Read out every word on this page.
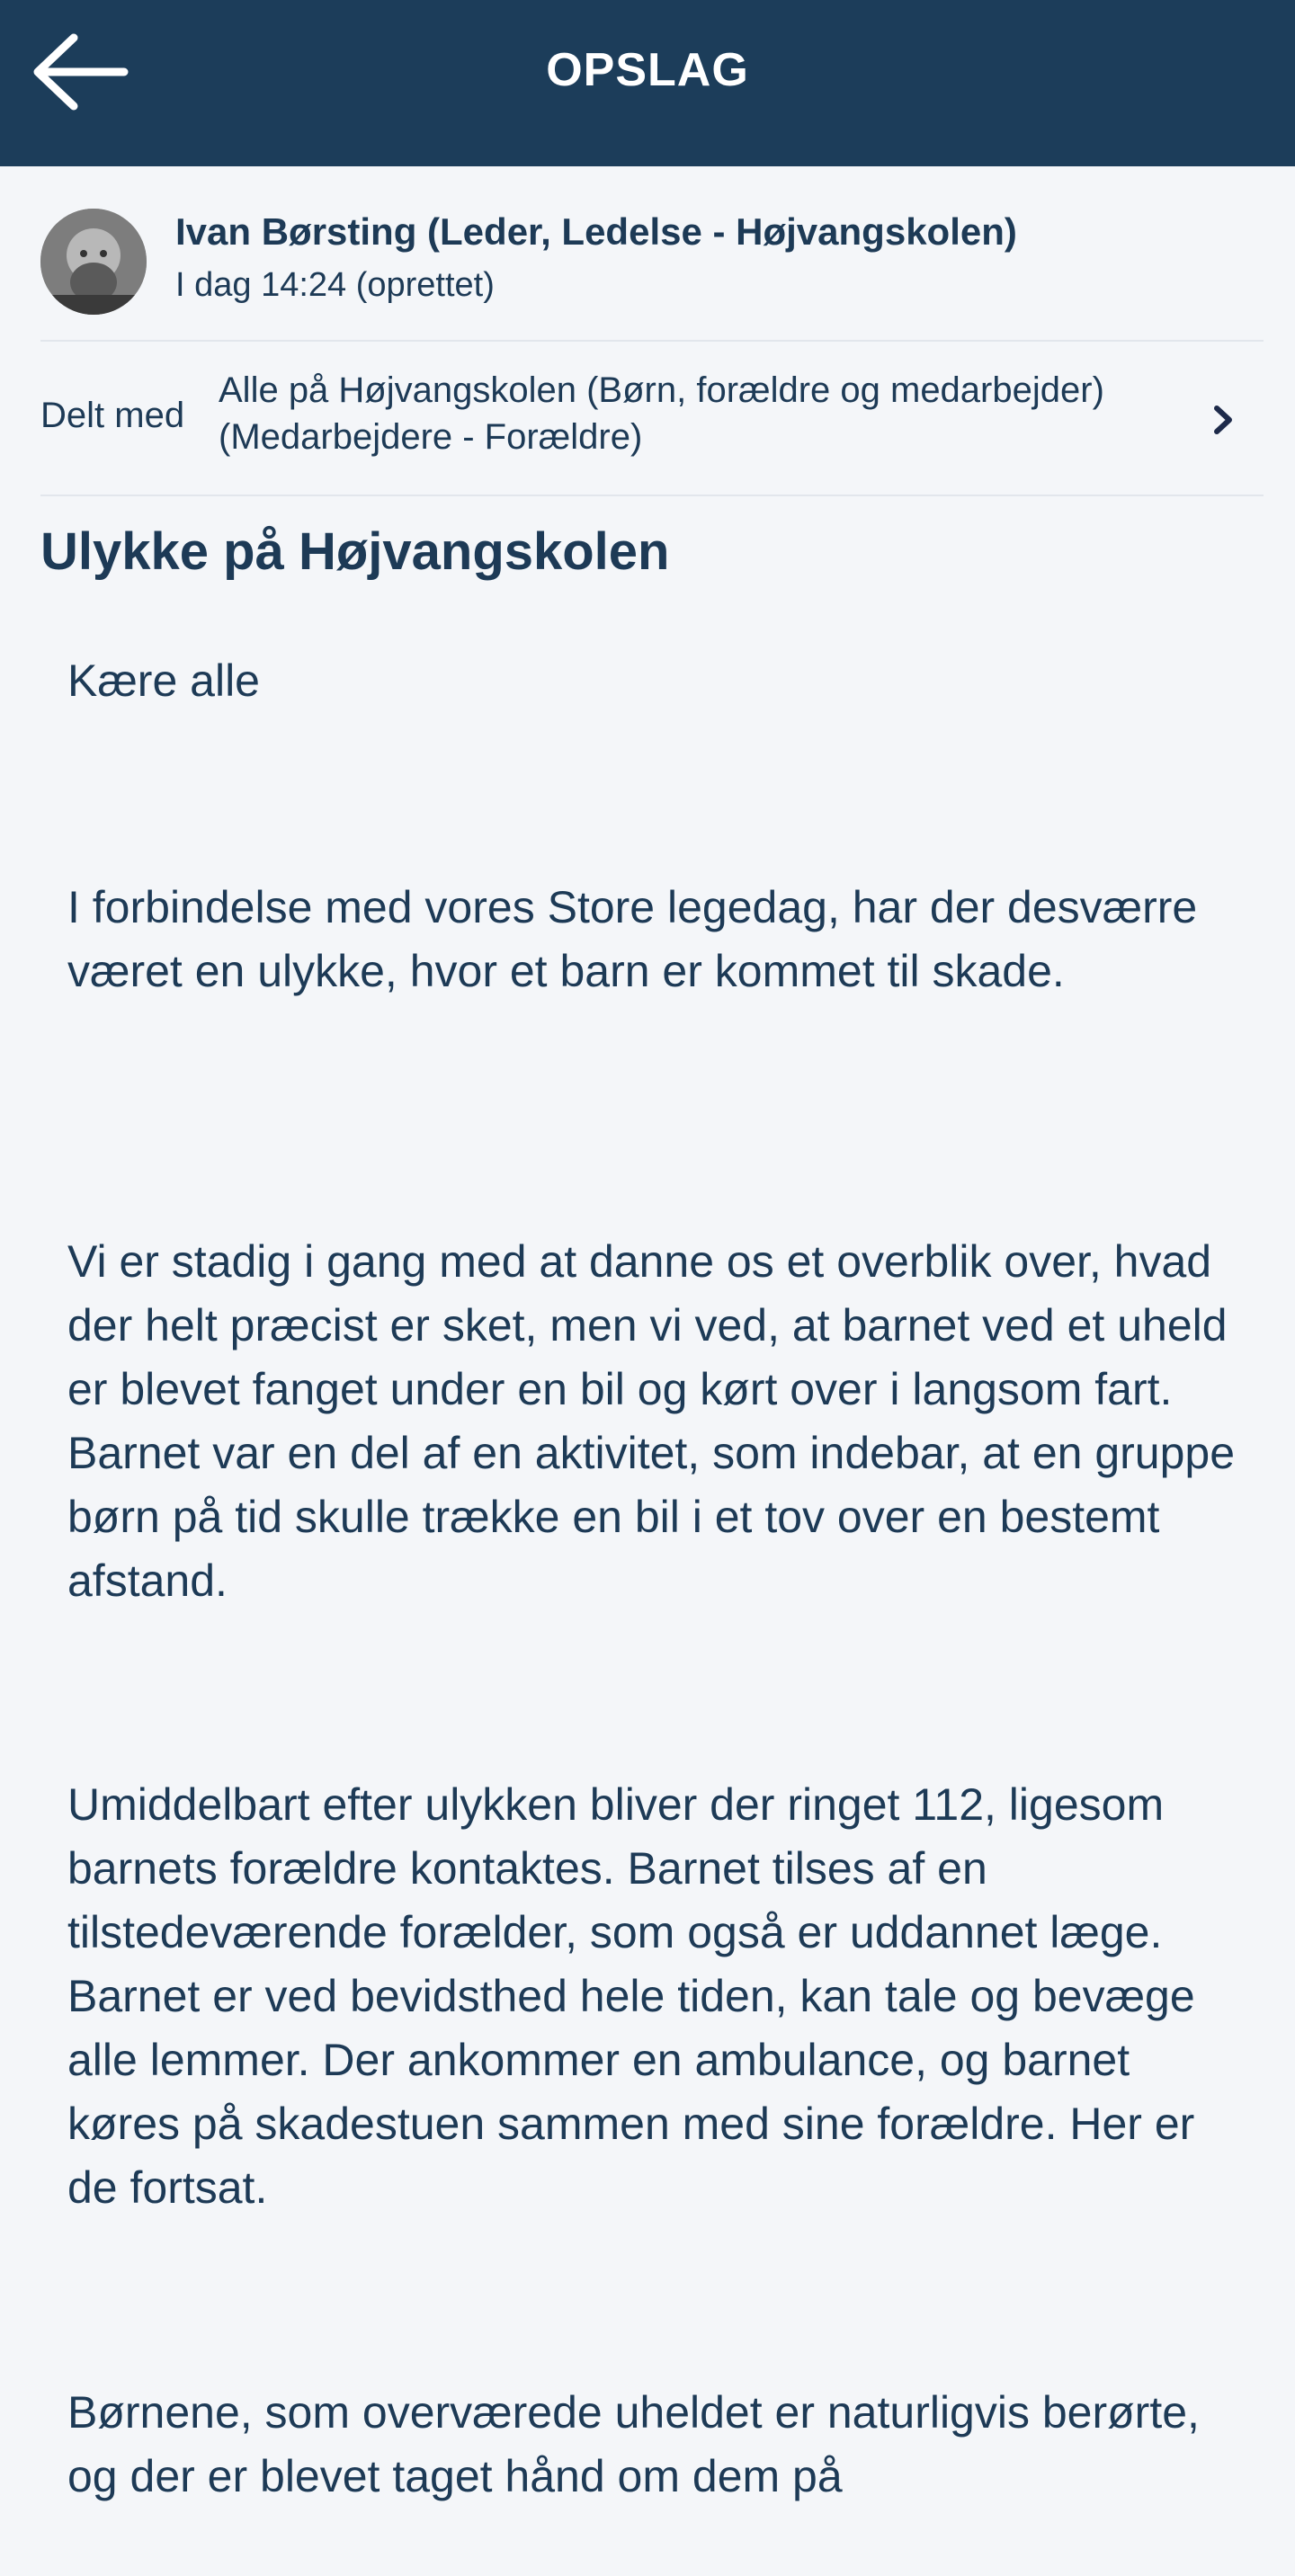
OPSLAG
Ivan Børsting (Leder, Ledelse - Højvangskolen)
I dag 14:24 (oprettet)
Delt med
Alle på Højvangskolen (Børn, forældre og medarbejder)
(Medarbejdere - Forældre)
Ulykke på Højvangskolen
Kære alle
I forbindelse med vores Store legedag, har der desværre været en ulykke, hvor et barn er kommet til skade.
Vi er stadig i gang med at danne os et overblik over, hvad der helt præcist er sket, men vi ved, at barnet ved et uheld er blevet fanget under en bil og kørt over i langsom fart. Barnet var en del af en aktivitet, som indebar, at en gruppe børn på tid skulle trække en bil i et tov over en bestemt afstand.
Umiddelbart efter ulykken bliver der ringet 112, ligesom barnets forældre kontaktes. Barnet tilses af en tilstedeværende forælder, som også er uddannet læge. Barnet er ved bevidsthed hele tiden, kan tale og bevæge alle lemmer. Der ankommer en ambulance, og barnet køres på skadestuen sammen med sine forældre. Her er de fortsat.
Børnene, som overværede uheldet er naturligvis berørte, og der er blevet taget hånd om dem på
